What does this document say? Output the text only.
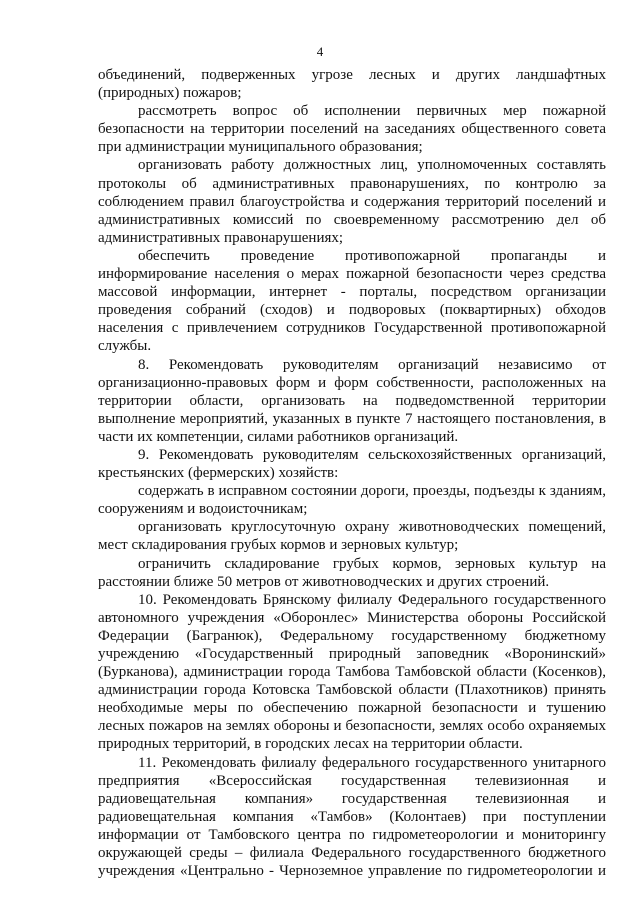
4

объединений, подверженных угрозе лесных и других ландшафтных (природных) пожаров;

рассмотреть вопрос об исполнении первичных мер пожарной безопасности на территории поселений на заседаниях общественного совета при администрации муниципального образования;

организовать работу должностных лиц, уполномоченных составлять протоколы об административных правонарушениях, по контролю за соблюдением правил благоустройства и содержания территорий поселений и административных комиссий по своевременному рассмотрению дел об административных правонарушениях;

обеспечить проведение противопожарной пропаганды и информирование населения о мерах пожарной безопасности через средства массовой информации, интернет - порталы, посредством организации проведения собраний (сходов) и подворовых (поквартирных) обходов населения с привлечением сотрудников Государственной противопожарной службы.

8. Рекомендовать руководителям организаций независимо от организационно-правовых форм и форм собственности, расположенных на территории области, организовать на подведомственной территории выполнение мероприятий, указанных в пункте 7 настоящего постановления, в части их компетенции, силами работников организаций.

9. Рекомендовать руководителям сельскохозяйственных организаций, крестьянских (фермерских) хозяйств:

содержать в исправном состоянии дороги, проезды, подъезды к зданиям, сооружениям и водоисточникам;

организовать круглосуточную охрану животноводческих помещений, мест складирования грубых кормов и зерновых культур;

ограничить складирование грубых кормов, зерновых культур на расстоянии ближе 50 метров от животноводческих и других строений.

10. Рекомендовать Брянскому филиалу Федерального государственного автономного учреждения «Оборонлес» Министерства обороны Российской Федерации (Багранюк), Федеральному государственному бюджетному учреждению «Государственный природный заповедник «Воронинский» (Бурканова), администрации города Тамбова Тамбовской области (Косенков), администрации города Котовска Тамбовской области (Плахотников) принять необходимые меры по обеспечению пожарной безопасности и тушению лесных пожаров на землях обороны и безопасности, землях особо охраняемых природных территорий, в городских лесах на территории области.

11. Рекомендовать филиалу федерального государственного унитарного предприятия «Всероссийская государственная телевизионная и радиовещательная компания» государственная телевизионная и радиовещательная компания «Тамбов» (Колонтаев) при поступлении информации от Тамбовского центра по гидрометеорологии и мониторингу окружающей среды – филиала Федерального государственного бюджетного учреждения «Центрально - Черноземное управление по гидрометеорологии и
